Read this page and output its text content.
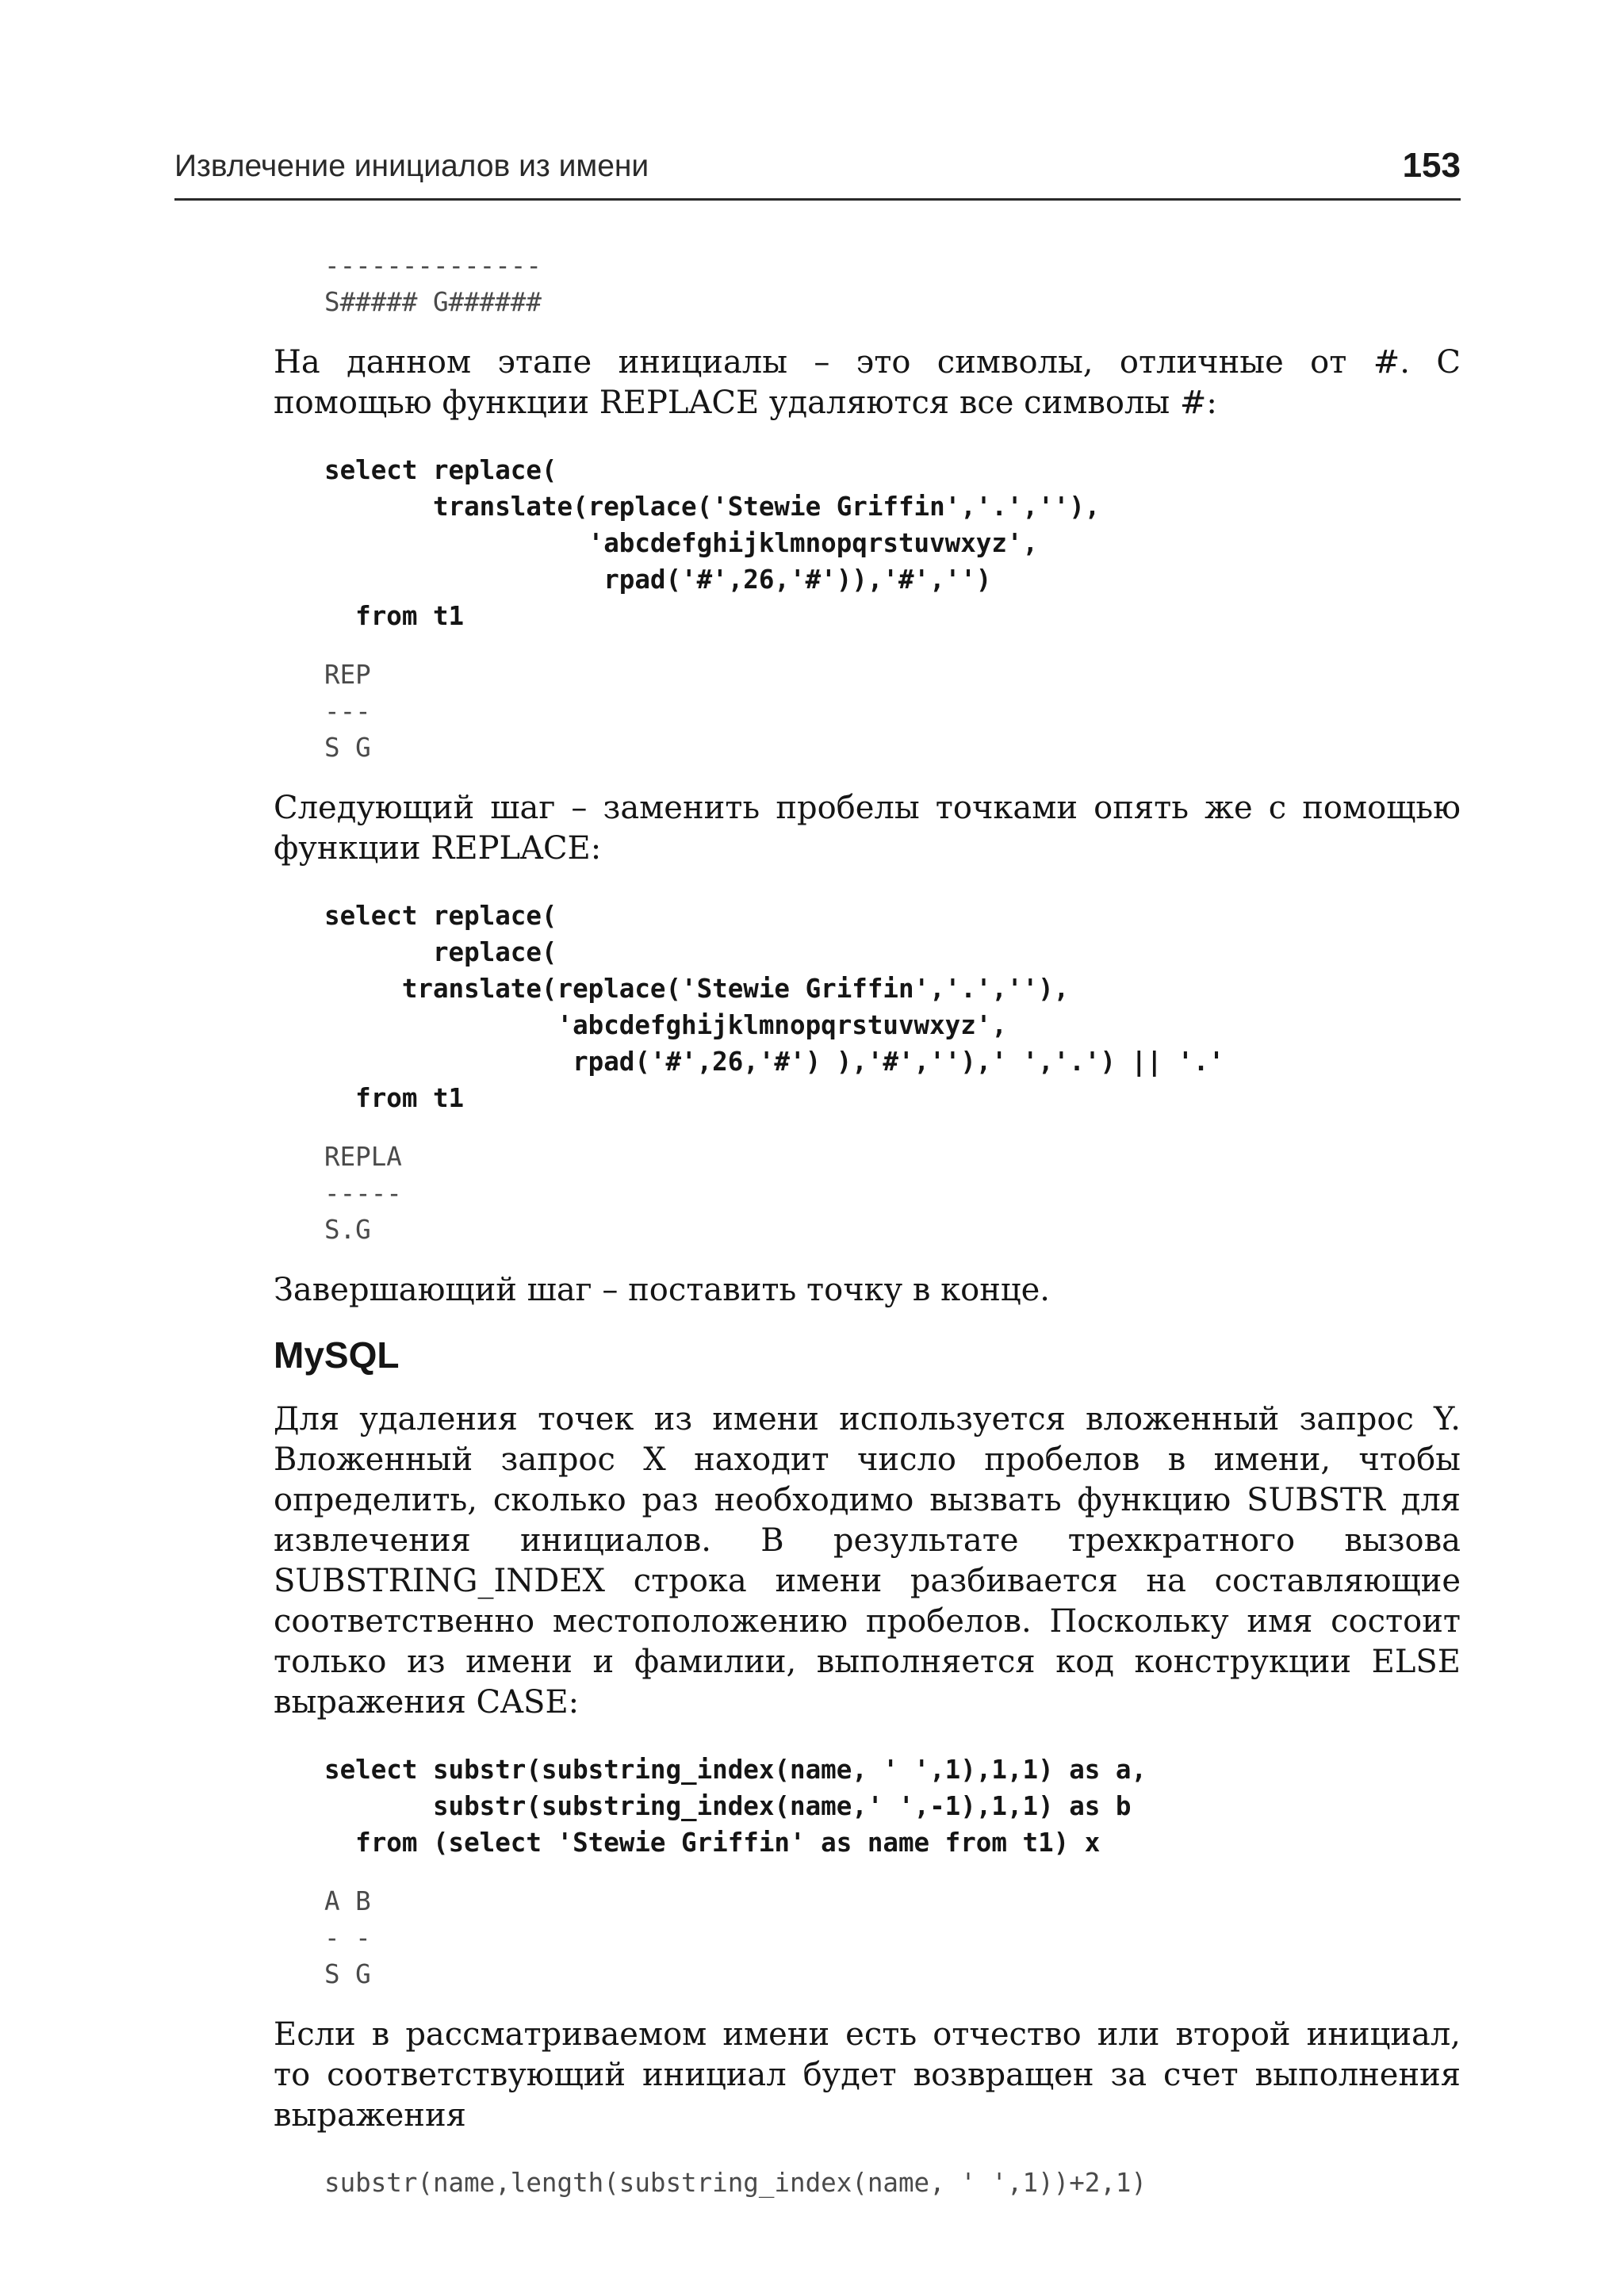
Извлечение инициалов из имени	153
--------------
S##### G######

На данном этапе инициалы – это символы, отличные от #. С помощью функции REPLACE удаляются все символы #:

select replace(
translate(replace('Stewie Griffin','.',''),
'abcdefghijklmnopqrstuvwxyz',
rpad('#',26,'#')),'#','')
from t1
REP
---
S G

Следующий шаг – заменить пробелы точками опять же с помощью функции REPLACE:

select replace(
replace(
translate(replace('Stewie Griffin','.',''),
'abcdefghijklmnopqrstuvwxyz',
rpad('#',26,'#') ),'#',''),' ','.') || '.'
from t1
REPLA
-----
S.G

Завершающий шаг – поставить точку в конце.

MySQL

Для удаления точек из имени используется вложенный запрос Y. Вложенный запрос X находит число пробелов в имени, чтобы определить, сколько раз необходимо вызвать функцию SUBSTR для извлечения инициалов. В результате трехкратного вызова SUBSTRING_INDEX строка имени разбивается на составляющие соответственно местоположению пробелов. Поскольку имя состоит только из имени и фамилии, выполняется код конструкции ELSE выражения CASE:

select substr(substring_index(name, ' ',1),1,1) as a,
substr(substring_index(name,' ',-1),1,1) as b
from (select 'Stewie Griffin' as name from t1) x
A B
- -
S G

Если в рассматриваемом имени есть отчество или второй инициал, то соответствующий инициал будет возвращен за счет выполнения выражения

substr(name,length(substring_index(name, ' ',1))+2,1)
